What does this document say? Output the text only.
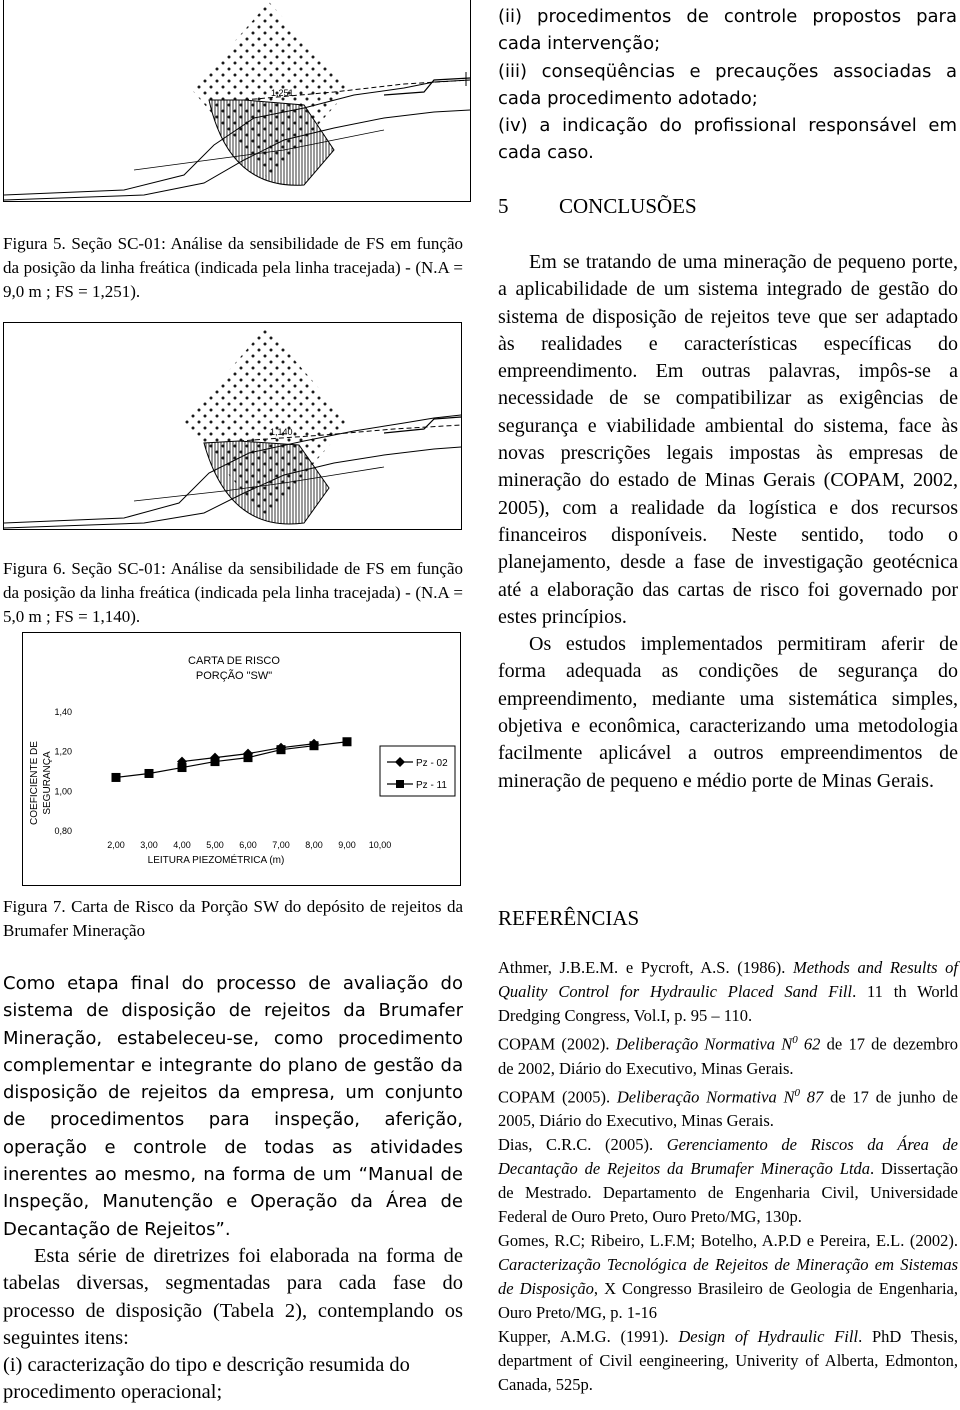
1,251
Figura 5. Seção SC-01: Análise da sensibilidade de FS em função da posição da linha freática (indicada pela linha tracejada) - (N.A = 9,0 m ; FS = 1,251).
1,140
Figura 6. Seção SC-01: Análise da sensibilidade de FS em função da posição da linha freática (indicada pela linha tracejada) - (N.A = 5,0 m ; FS = 1,140).
CARTA DE RISCO
PORÇÃO "SW"
COEFICIENTE DE SEGURANÇA
LEITURA PIEZOMÉTRICA (m)
2,00 3,00 4,00 5,00 6,00 7,00 8,00 9,00 10,00
0,80
1,00
1,20
1,40
Pz - 02
Pz - 11
Figura 7. Carta de Risco da Porção SW do depósito de rejeitos da Brumafer Mineração

Como etapa final do processo de avaliação do sistema de disposição de rejeitos da Brumafer Mineração, estabeleceu-se, como procedimento complementar e integrante do plano de gestão da disposição de rejeitos da empresa, um conjunto de procedimentos para inspeção, aferição, operação e controle de todas as atividades inerentes ao mesmo, na forma de um “Manual de Inspeção, Manutenção e Operação da Área de Decantação de Rejeitos”.

Esta série de diretrizes foi elaborada na forma de tabelas diversas, segmentadas para cada fase do processo de disposição (Tabela 2), contemplando os seguintes itens:

(i) caracterização do tipo e descrição resumida do procedimento operacional;

(ii) procedimentos de controle propostos para cada intervenção;

(iii) conseqüências e precauções associadas a cada procedimento adotado;

(iv) a indicação do profissional responsável em cada caso.

5 CONCLUSÕES

Em se tratando de uma mineração de pequeno porte, a aplicabilidade de um sistema integrado de gestão do sistema de disposição de rejeitos teve que ser adaptado às realidades e características específicas do empreendimento. Em outras palavras, impôs-se a necessidade de se compatibilizar as exigências de segurança e viabilidade ambiental do sistema, face às novas prescrições legais impostas às empresas de mineração do estado de Minas Gerais (COPAM, 2002, 2005), com a realidade da logística e dos recursos financeiros disponíveis. Neste sentido, todo o planejamento, desde a fase de investigação geotécnica até a elaboração das cartas de risco foi governado por estes princípios.

Os estudos implementados permitiram aferir de forma adequada as condições de segurança do empreendimento, mediante uma sistemática simples, objetiva e econômica, caracterizando uma metodologia facilmente aplicável a outros empreendimentos de mineração de pequeno e médio porte de Minas Gerais.

REFERÊNCIAS

Athmer, J.B.E.M. e Pycroft, A.S. (1986). Methods and Results of Quality Control for Hydraulic Placed Sand Fill. 11 th World Dredging Congress, Vol.I, p. 95 – 110.

COPAM (2002). Deliberação Normativa $N^0$ 62 de 17 de dezembro de 2002, Diário do Executivo, Minas Gerais.

COPAM (2005). Deliberação Normativa $N^0$ 87 de 17 de junho de 2005, Diário do Executivo, Minas Gerais.

Dias, C.R.C. (2005). Gerenciamento de Riscos da Área de Decantação de Rejeitos da Brumafer Mineração Ltda. Dissertação de Mestrado. Departamento de Engenharia Civil, Universidade Federal de Ouro Preto, Ouro Preto/MG, 130p.

Gomes, R.C; Ribeiro, L.F.M; Botelho, A.P.D e Pereira, E.L. (2002). Caracterização Tecnológica de Rejeitos de Mineração em Sistemas de Disposição, X Congresso Brasileiro de Geologia de Engenharia, Ouro Preto/MG, p. 1-16

Kupper, A.M.G. (1991). Design of Hydraulic Fill. PhD Thesis, department of Civil eengineering, Univerity of Alberta, Edmonton, Canada, 525p.
